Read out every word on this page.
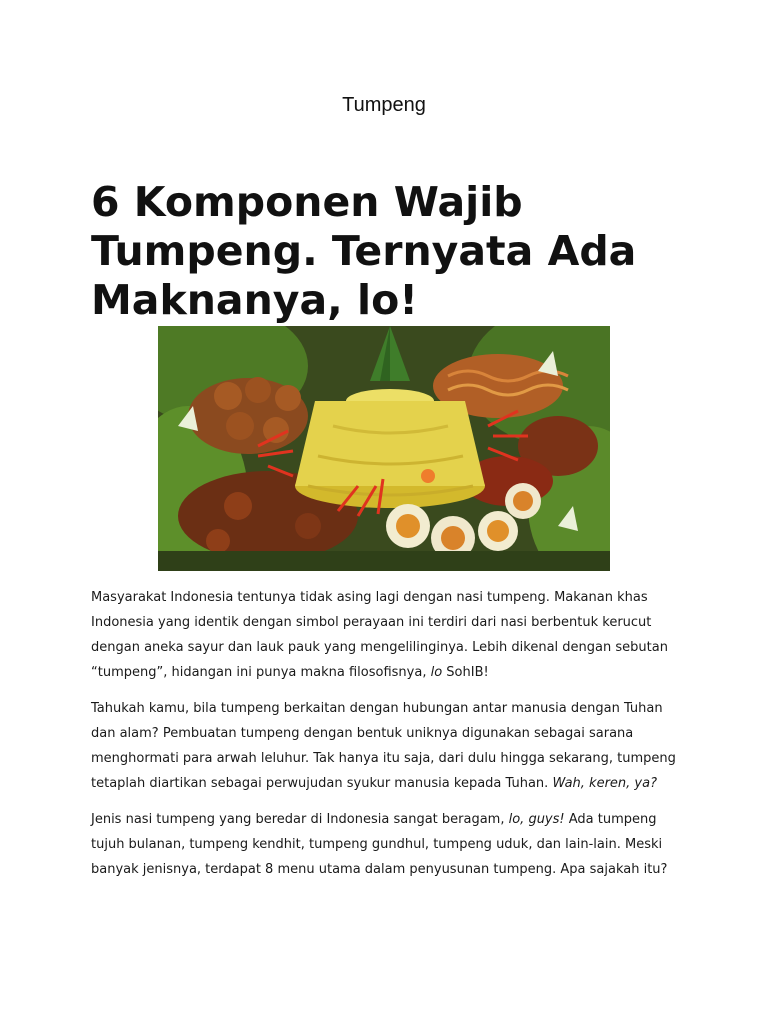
Tumpeng
6 Komponen Wajib Tumpeng. Ternyata Ada Maknanya, lo!

Masyarakat Indonesia tentunya tidak asing lagi dengan nasi tumpeng. Makanan khas Indonesia yang identik dengan simbol perayaan ini terdiri dari nasi berbentuk kerucut dengan aneka sayur dan lauk pauk yang mengelilinginya. Lebih dikenal dengan sebutan “tumpeng”, hidangan ini punya makna filosofisnya, lo SohIB!

Tahukah kamu, bila tumpeng berkaitan dengan hubungan antar manusia dengan Tuhan dan alam? Pembuatan tumpeng dengan bentuk uniknya digunakan sebagai sarana menghormati para arwah leluhur. Tak hanya itu saja, dari dulu hingga sekarang, tumpeng tetaplah diartikan sebagai perwujudan syukur manusia kepada Tuhan. Wah, keren, ya?

Jenis nasi tumpeng yang beredar di Indonesia sangat beragam, lo, guys! Ada tumpeng tujuh bulanan, tumpeng kendhit, tumpeng gundhul, tumpeng uduk, dan lain-lain. Meski banyak jenisnya, terdapat 8 menu utama dalam penyusunan tumpeng. Apa sajakah itu?
